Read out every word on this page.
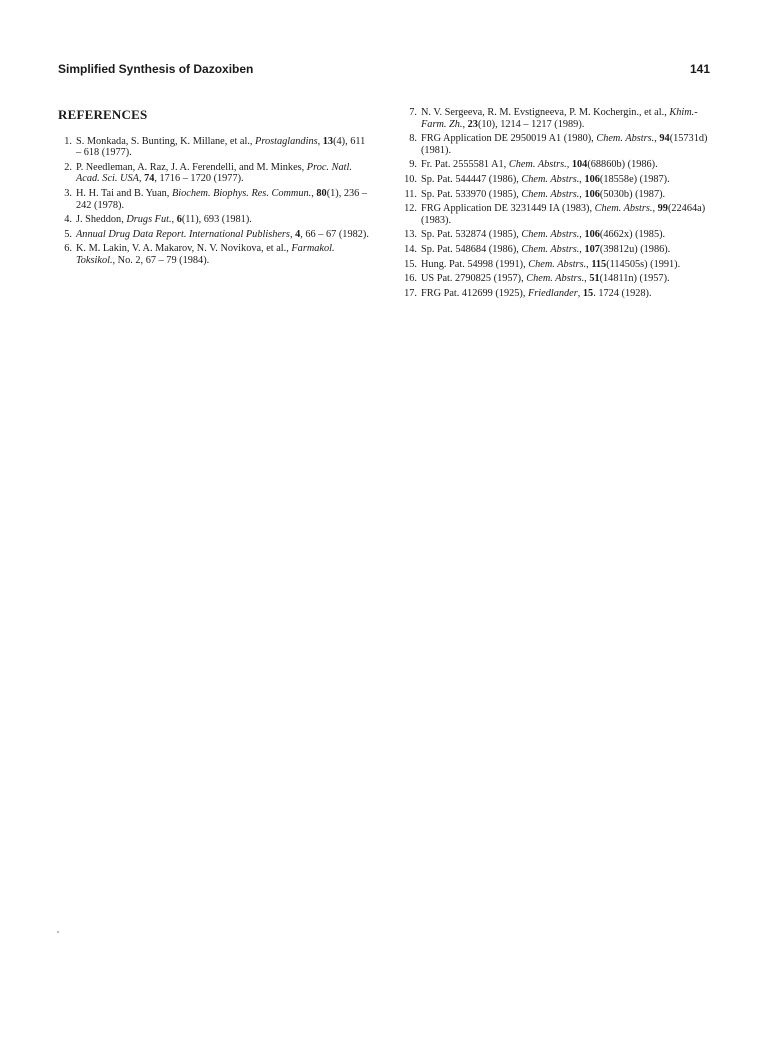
Simplified Synthesis of Dazoxiben	141
REFERENCES
1. S. Monkada, S. Bunting, K. Millane, et al., Prostaglandins, 13(4), 611 – 618 (1977).
2. P. Needleman, A. Raz, J. A. Ferendelli, and M. Minkes, Proc. Natl. Acad. Sci. USA, 74, 1716 – 1720 (1977).
3. H. H. Tai and B. Yuan, Biochem. Biophys. Res. Commun., 80(1), 236 – 242 (1978).
4. J. Sheddon, Drugs Fut., 6(11), 693 (1981).
5. Annual Drug Data Report. International Publishers, 4, 66 – 67 (1982).
6. K. M. Lakin, V. A. Makarov, N. V. Novikova, et al., Farmakol. Toksikol., No. 2, 67 – 79 (1984).
7. N. V. Sergeeva, R. M. Evstigneeva, P. M. Kochergin., et al., Khim.-Farm. Zh., 23(10), 1214 – 1217 (1989).
8. FRG Application DE 2950019 A1 (1980), Chem. Abstrs., 94(15731d) (1981).
9. Fr. Pat. 2555581 A1, Chem. Abstrs., 104(68860b) (1986).
10. Sp. Pat. 544447 (1986), Chem. Abstrs., 106(18558e) (1987).
11. Sp. Pat. 533970 (1985), Chem. Abstrs., 106(5030b) (1987).
12. FRG Application DE 3231449 IA (1983), Chem. Abstrs., 99(22464a) (1983).
13. Sp. Pat. 532874 (1985), Chem. Abstrs., 106(4662x) (1985).
14. Sp. Pat. 548684 (1986), Chem. Abstrs., 107(39812u) (1986).
15. Hung. Pat. 54998 (1991), Chem. Abstrs., 115(114505s) (1991).
16. US Pat. 2790825 (1957), Chem. Abstrs., 51(14811n) (1957).
17. FRG Pat. 412699 (1925), Friedlander, 15. 1724 (1928).
